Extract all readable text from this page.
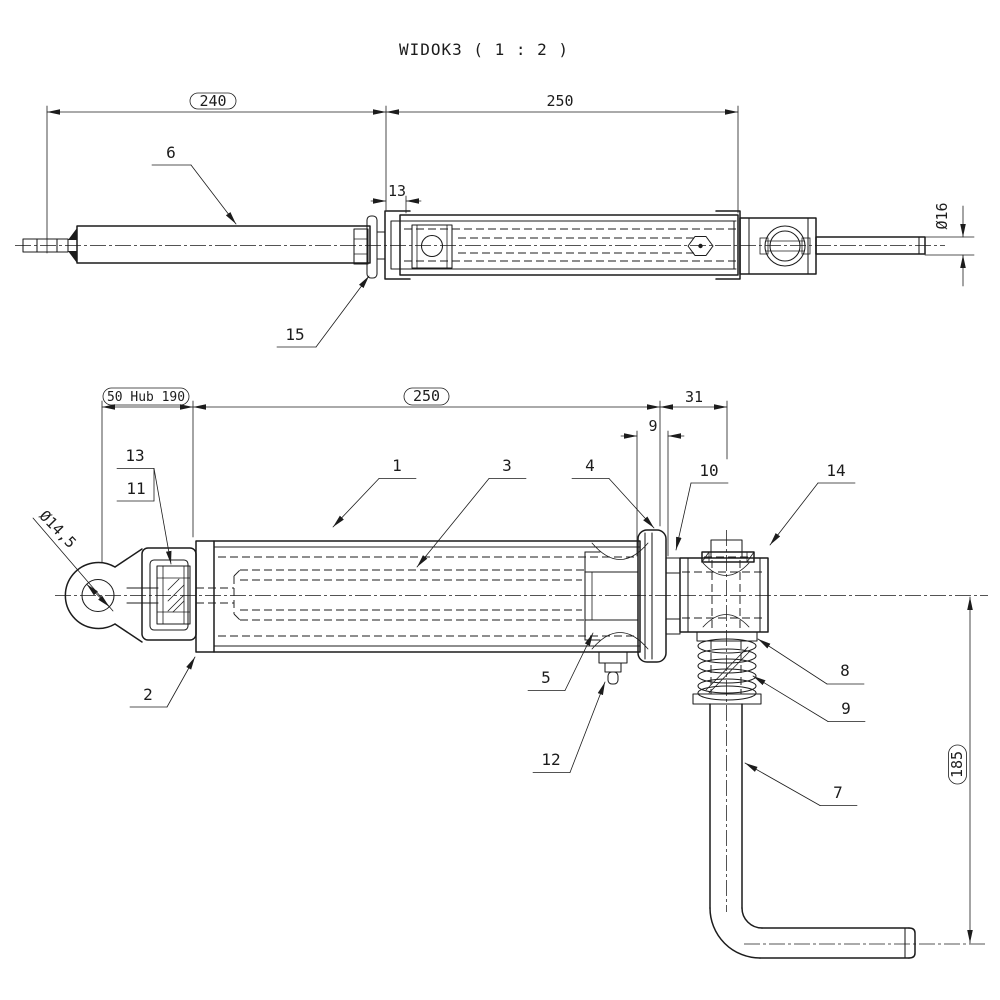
WIDOK3 ( 1 : 2 )
240	250
13
Ø16
6
15
50 Hub 190	250	31
9
Ø14,5
185
1	3	4	10	14
13
11
2
5
12
8
9
7
